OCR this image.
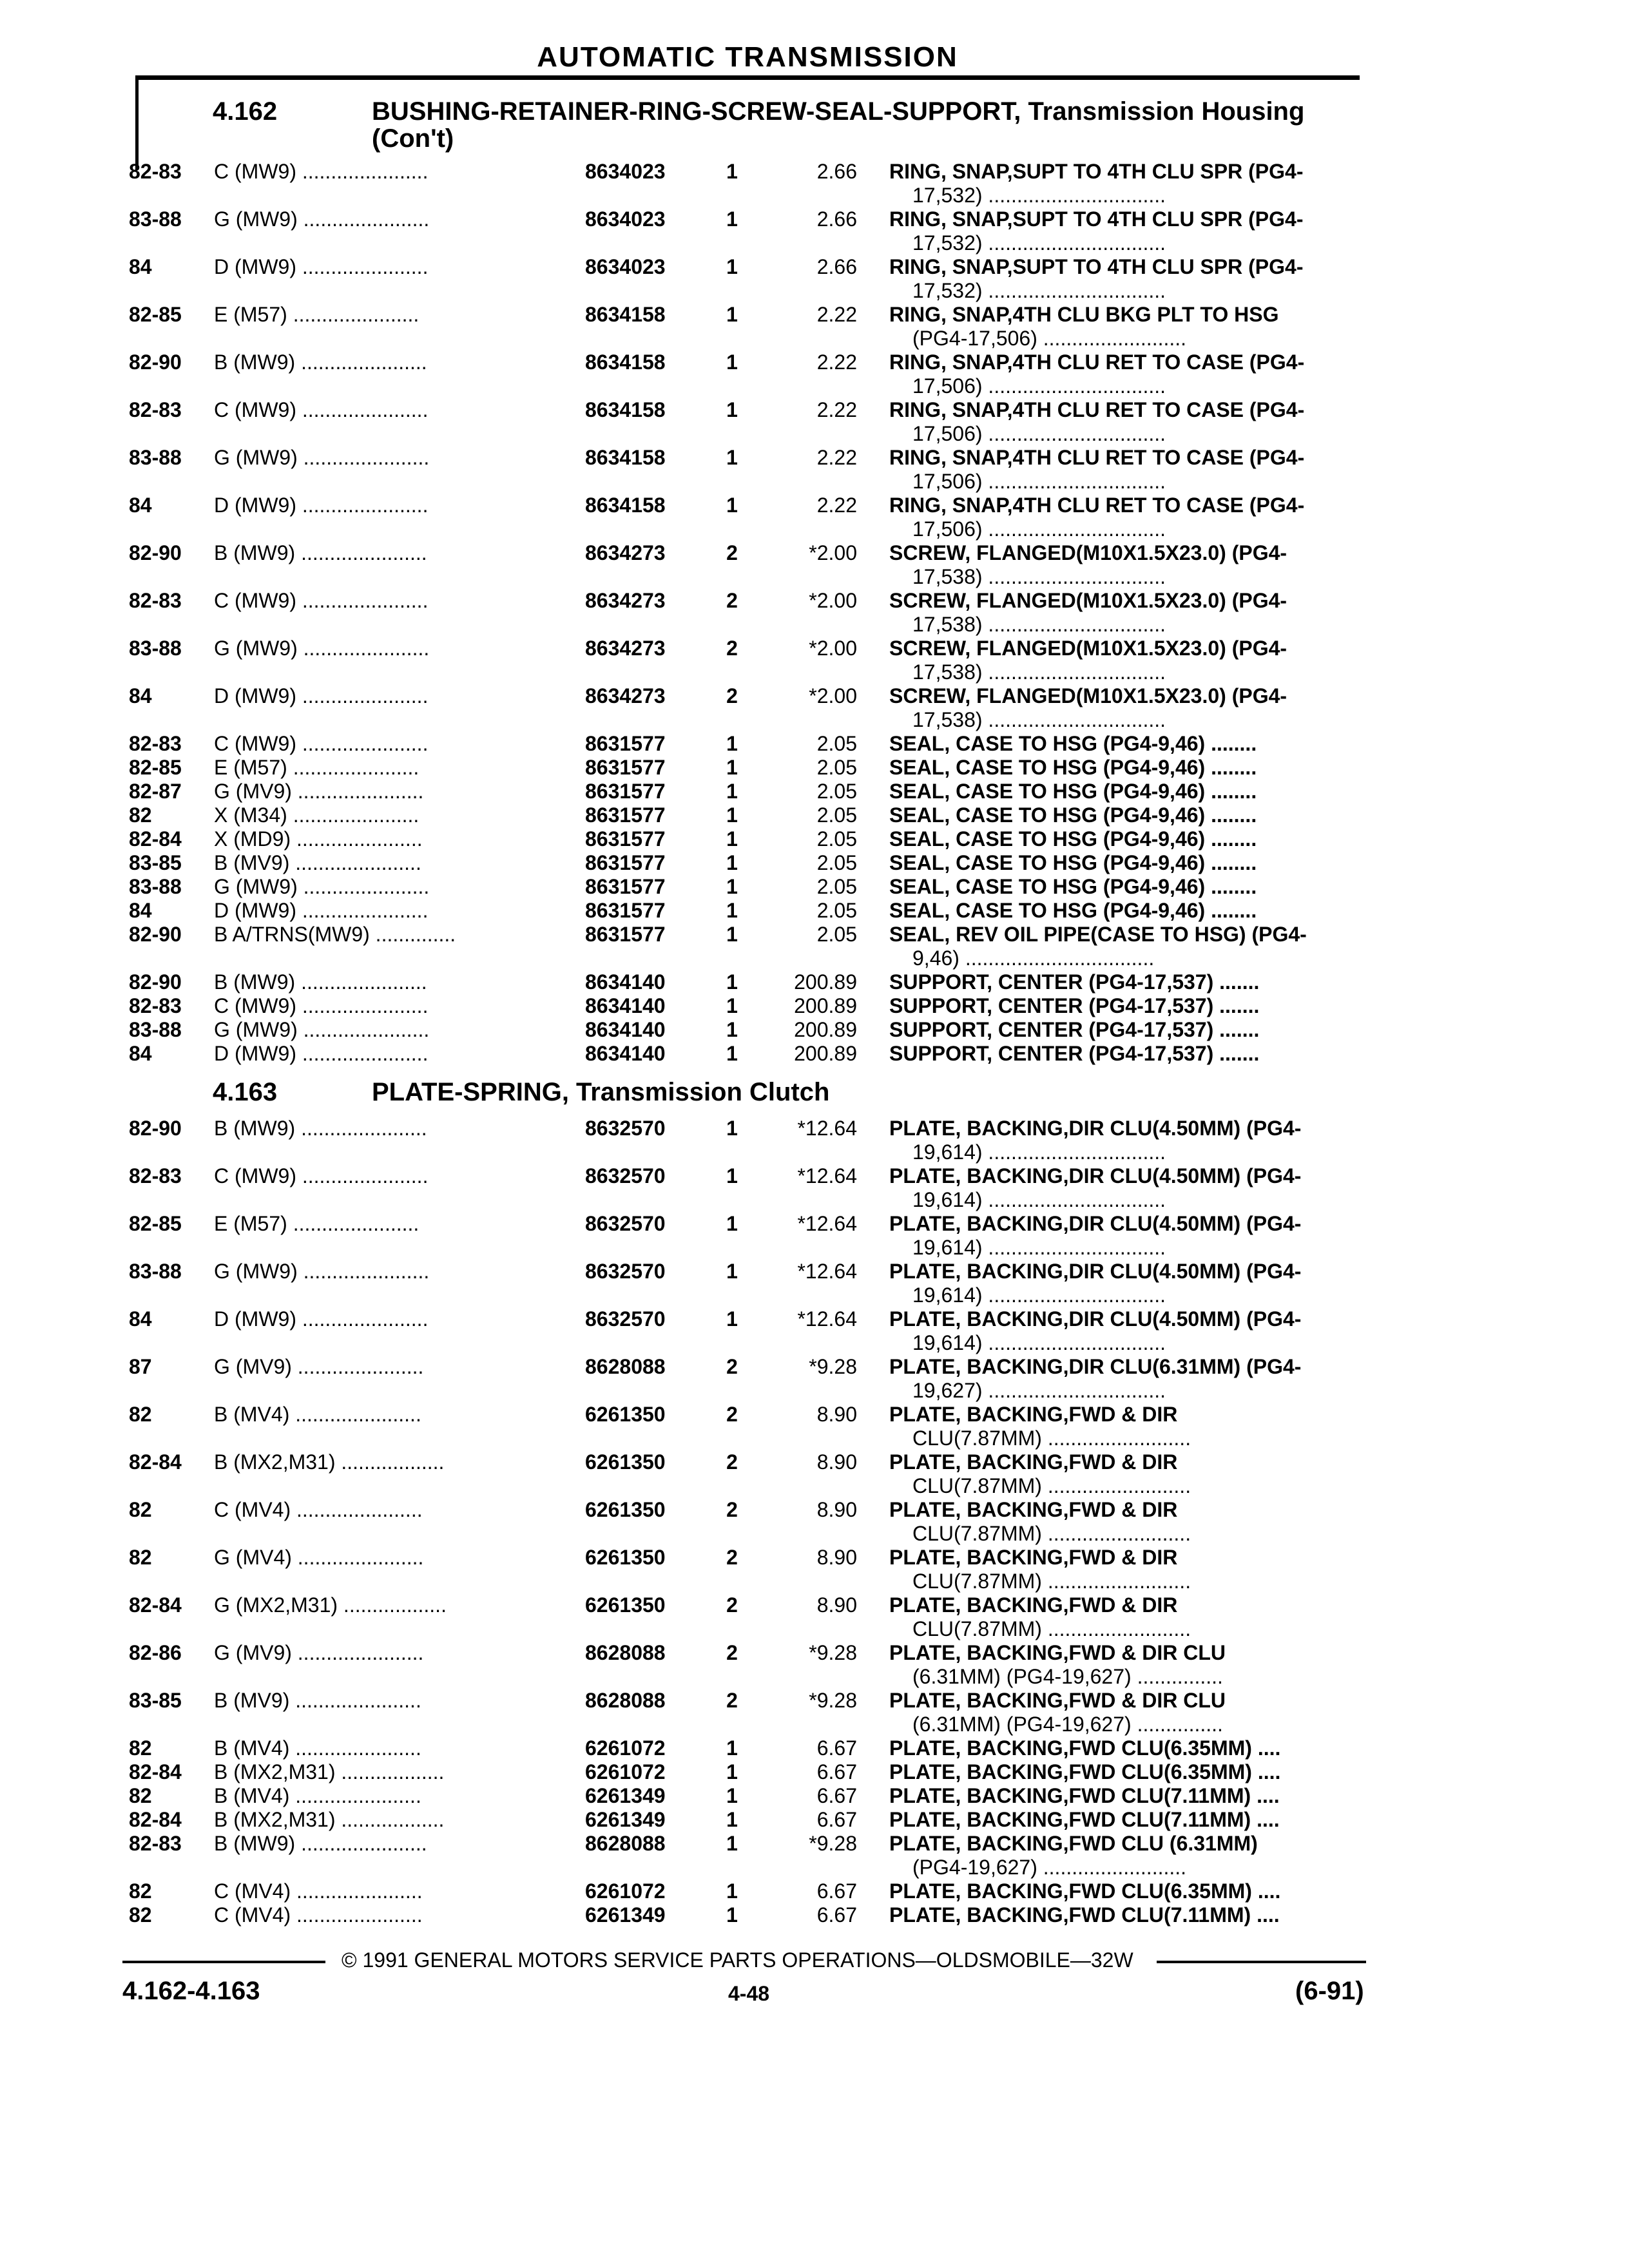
AUTOMATIC TRANSMISSION
4.162	BUSHING-RETAINER-RING-SCREW-SEAL-SUPPORT, Transmission Housing (Con't)
82-83 C (MW9) ......................	8634023	1	2.66 RING, SNAP,SUPT TO 4TH CLU SPR (PG4-
17,532) ...............................
83-88 G (MW9) ......................	8634023	1	2.66 RING, SNAP,SUPT TO 4TH CLU SPR (PG4-
17,532) ...............................
84	D (MW9) ......................	8634023	1	2.66 RING, SNAP,SUPT TO 4TH CLU SPR (PG4-
17,532) ...............................
82-85 E (M57) ......................	8634158	1	2.22 RING, SNAP,4TH CLU BKG PLT TO HSG
(PG4-17,506) .........................
82-90 B (MW9) ......................	8634158	1	2.22 RING, SNAP,4TH CLU RET TO CASE (PG4-
17,506) ...............................
82-83 C (MW9) ......................	8634158	1	2.22 RING, SNAP,4TH CLU RET TO CASE (PG4-
17,506) ...............................
83-88 G (MW9) ......................	8634158	1	2.22 RING, SNAP,4TH CLU RET TO CASE (PG4-
17,506) ...............................
84	D (MW9) ......................	8634158	1	2.22 RING, SNAP,4TH CLU RET TO CASE (PG4-
17,506) ...............................
82-90 B (MW9) ......................	8634273	2	*2.00 SCREW, FLANGED(M10X1.5X23.0) (PG4-
17,538) ...............................
82-83 C (MW9) ......................	8634273	2	*2.00 SCREW, FLANGED(M10X1.5X23.0) (PG4-
17,538) ...............................
83-88 G (MW9) ......................	8634273	2	*2.00 SCREW, FLANGED(M10X1.5X23.0) (PG4-
17,538) ...............................
84	D (MW9) ......................	8634273	2	*2.00 SCREW, FLANGED(M10X1.5X23.0) (PG4-
17,538) ...............................
82-83 C (MW9) ......................	8631577	1	2.05 SEAL, CASE TO HSG (PG4-9,46) ........
82-85 E (M57) ......................	8631577	1	2.05 SEAL, CASE TO HSG (PG4-9,46) ........
82-87 G (MV9) ......................	8631577	1	2.05 SEAL, CASE TO HSG (PG4-9,46) ........
82	X (M34) ......................	8631577	1	2.05 SEAL, CASE TO HSG (PG4-9,46) ........
82-84 X (MD9) ......................	8631577	1	2.05 SEAL, CASE TO HSG (PG4-9,46) ........
83-85 B (MV9) ......................	8631577	1	2.05 SEAL, CASE TO HSG (PG4-9,46) ........
83-88 G (MW9) ......................	8631577	1	2.05 SEAL, CASE TO HSG (PG4-9,46) ........
84	D (MW9) ......................	8631577	1	2.05 SEAL, CASE TO HSG (PG4-9,46) ........
82-90 B A/TRNS(MW9) ..............	8631577	1	2.05 SEAL, REV OIL PIPE(CASE TO HSG) (PG4-
9,46) .................................
82-90 B (MW9) ......................	8634140	1	200.89 SUPPORT, CENTER (PG4-17,537) .......
82-83 C (MW9) ......................	8634140	1	200.89 SUPPORT, CENTER (PG4-17,537) .......
83-88 G (MW9) ......................	8634140	1	200.89 SUPPORT, CENTER (PG4-17,537) .......
84	D (MW9) ......................	8634140	1	200.89 SUPPORT, CENTER (PG4-17,537) .......
4.163	PLATE-SPRING, Transmission Clutch
82-90 B (MW9) ......................	8632570	1	*12.64 PLATE, BACKING,DIR CLU(4.50MM) (PG4-
19,614) ...............................
82-83 C (MW9) ......................	8632570	1	*12.64 PLATE, BACKING,DIR CLU(4.50MM) (PG4-
19,614) ...............................
82-85 E (M57) ......................	8632570	1	*12.64 PLATE, BACKING,DIR CLU(4.50MM) (PG4-
19,614) ...............................
83-88 G (MW9) ......................	8632570	1	*12.64 PLATE, BACKING,DIR CLU(4.50MM) (PG4-
19,614) ...............................
84	D (MW9) ......................	8632570	1	*12.64 PLATE, BACKING,DIR CLU(4.50MM) (PG4-
19,614) ...............................
87	G (MV9) ......................	8628088	2	*9.28 PLATE, BACKING,DIR CLU(6.31MM) (PG4-
19,627) ...............................
82	B (MV4) ......................	6261350	2	8.90 PLATE, BACKING,FWD & DIR
CLU(7.87MM) .........................
82-84 B (MX2,M31) ..................	6261350	2	8.90 PLATE, BACKING,FWD & DIR
CLU(7.87MM) .........................
82	C (MV4) ......................	6261350	2	8.90 PLATE, BACKING,FWD & DIR
CLU(7.87MM) .........................
82	G (MV4) ......................	6261350	2	8.90 PLATE, BACKING,FWD & DIR
CLU(7.87MM) .........................
82-84 G (MX2,M31) ..................	6261350	2	8.90 PLATE, BACKING,FWD & DIR
CLU(7.87MM) .........................
82-86 G (MV9) ......................	8628088	2	*9.28 PLATE, BACKING,FWD & DIR CLU
(6.31MM) (PG4-19,627) ...............
83-85 B (MV9) ......................	8628088	2	*9.28 PLATE, BACKING,FWD & DIR CLU
(6.31MM) (PG4-19,627) ...............
82	B (MV4) ......................	6261072	1	6.67 PLATE, BACKING,FWD CLU(6.35MM) ....
82-84 B (MX2,M31) ..................	6261072	1	6.67 PLATE, BACKING,FWD CLU(6.35MM) ....
82	B (MV4) ......................	6261349	1	6.67 PLATE, BACKING,FWD CLU(7.11MM) ....
82-84 B (MX2,M31) ..................	6261349	1	6.67 PLATE, BACKING,FWD CLU(7.11MM) ....
82-83 B (MW9) ......................	8628088	1	*9.28 PLATE, BACKING,FWD CLU (6.31MM)
(PG4-19,627) .........................
82	C (MV4) ......................	6261072	1	6.67 PLATE, BACKING,FWD CLU(6.35MM) ....
82	C (MV4) ......................	6261349	1	6.67 PLATE, BACKING,FWD CLU(7.11MM) ....
© 1991 GENERAL MOTORS SERVICE PARTS OPERATIONS—OLDSMOBILE—32W
4.162-4.163	4-48	(6-91)
